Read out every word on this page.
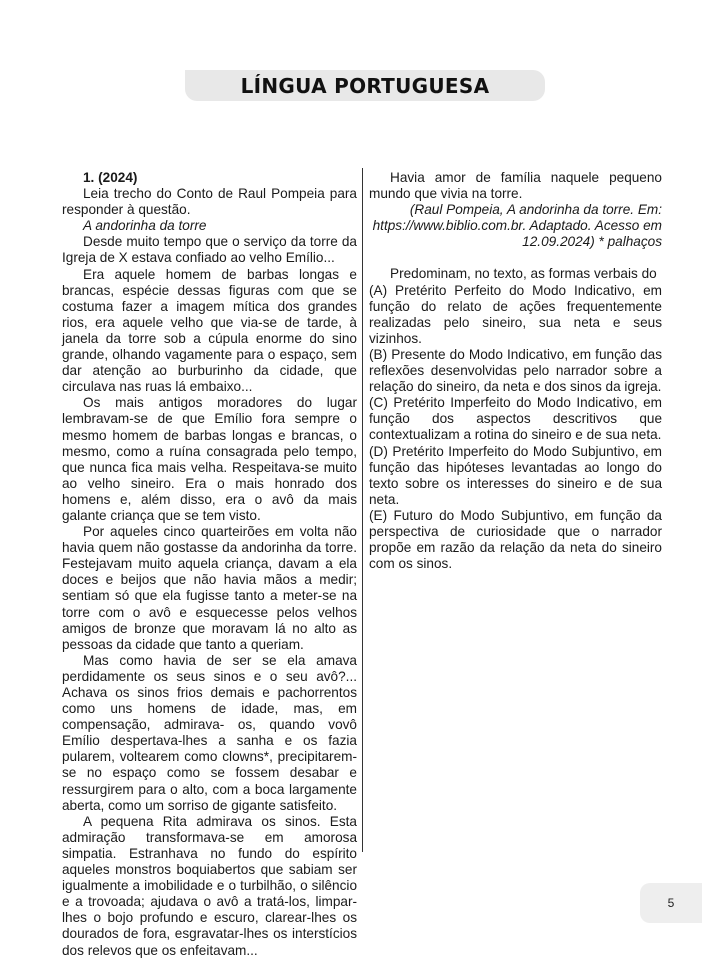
LÍNGUA PORTUGUESA

1. (2024)

Leia trecho do Conto de Raul Pompeia para responder à questão.

A andorinha da torre

Desde muito tempo que o serviço da torre da Igreja de X estava confiado ao velho Emílio...

Era aquele homem de barbas longas e brancas, espécie dessas figuras com que se costuma fazer a imagem mítica dos grandes rios, era aquele velho que via-se de tarde, à janela da torre sob a cúpula enorme do sino grande, olhando vagamente para o espaço, sem dar atenção ao burburinho da cidade, que circulava nas ruas lá embaixo...

Os mais antigos moradores do lugar lembravam-se de que Emílio fora sempre o mesmo homem de barbas longas e brancas, o mesmo, como a ruína consagrada pelo tempo, que nunca fica mais velha. Respeitava-se muito ao velho sineiro. Era o mais honrado dos homens e, além disso, era o avô da mais galante criança que se tem visto.

Por aqueles cinco quarteirões em volta não havia quem não gostasse da andorinha da torre. Festejavam muito aquela criança, davam a ela doces e beijos que não havia mãos a medir; sentiam só que ela fugisse tanto a meter-se na torre com o avô e esquecesse pelos velhos amigos de bronze que moravam lá no alto as pessoas da cidade que tanto a queriam.

Mas como havia de ser se ela amava perdidamente os seus sinos e o seu avô?... Achava os sinos frios demais e pachorrentos como uns homens de idade, mas, em compensação, admirava- os, quando vovô Emílio despertava-lhes a sanha e os fazia pularem, voltearem como clowns*, precipitarem-se no espaço como se fossem desabar e ressurgirem para o alto, com a boca largamente aberta, como um sorriso de gigante satisfeito.

A pequena Rita admirava os sinos. Esta admiração transformava-se em amorosa simpatia. Estranhava no fundo do espírito aqueles monstros boquiabertos que sabiam ser igualmente a imobilidade e o turbilhão, o silêncio e a trovoada; ajudava o avô a tratá-los, limpar-lhes o bojo profundo e escuro, clarear-lhes os dourados de fora, esgravatar-lhes os interstícios dos relevos que os enfeitavam...

Havia amor de família naquele pequeno mundo que vivia na torre.

(Raul Pompeia, A andorinha da torre. Em: https://www.biblio.com.br. Adaptado. Acesso em 12.09.2024) * palhaços

Predominam, no texto, as formas verbais do

(A) Pretérito Perfeito do Modo Indicativo, em função do relato de ações frequentemente realizadas pelo sineiro, sua neta e seus vizinhos.

(B) Presente do Modo Indicativo, em função das reflexões desenvolvidas pelo narrador sobre a relação do sineiro, da neta e dos sinos da igreja.

(C) Pretérito Imperfeito do Modo Indicativo, em função dos aspectos descritivos que contextualizam a rotina do sineiro e de sua neta.

(D) Pretérito Imperfeito do Modo Subjuntivo, em função das hipóteses levantadas ao longo do texto sobre os interesses do sineiro e de sua neta.

(E) Futuro do Modo Subjuntivo, em função da perspectiva de curiosidade que o narrador propõe em razão da relação da neta do sineiro com os sinos.

5
